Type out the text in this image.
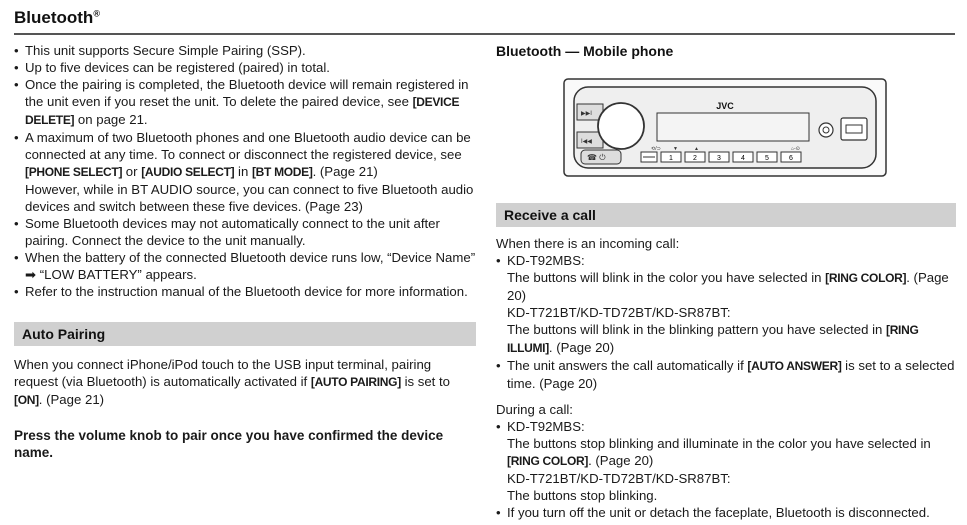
Bluetooth®
• This unit supports Secure Simple Pairing (SSP).
• Up to five devices can be registered (paired) in total.
• Once the pairing is completed, the Bluetooth device will remain registered in the unit even if you reset the unit. To delete the paired device, see [DEVICE DELETE] on page 21.
• A maximum of two Bluetooth phones and one Bluetooth audio device can be connected at any time. To connect or disconnect the registered device, see [PHONE SELECT] or [AUDIO SELECT] in [BT MODE]. (Page 21)
However, while in BT AUDIO source, you can connect to five Bluetooth audio devices and switch between these five devices. (Page 23)
• Some Bluetooth devices may not automatically connect to the unit after pairing. Connect the device to the unit manually.
• When the battery of the connected Bluetooth device runs low, “Device Name” ➡ “LOW BATTERY” appears.
• Refer to the instruction manual of the Bluetooth device for more information.
Auto Pairing

When you connect iPhone/iPod touch to the USB input terminal, pairing request (via Bluetooth) is automatically activated if [AUTO PAIRING] is set to [ON]. (Page 21)

Press the volume knob to pair once you have confirmed the device name.

Bluetooth — Mobile phone
▶▶I
I◀◀
☎ ⏻
JVC
⟲/⊃ ▼	▲	⌂-⊙
1	2	3	4	5	6
Receive a call

When there is an incoming call:

• KD-T92MBS:
The buttons will blink in the color you have selected in [RING COLOR]. (Page 20)
KD-T721BT/KD-TD72BT/KD-SR87BT:
The buttons will blink in the blinking pattern you have selected in [RING ILLUMI]. (Page 20)
• The unit answers the call automatically if [AUTO ANSWER] is set to a selected time. (Page 20)

During a call:

• KD-T92MBS:
The buttons stop blinking and illuminate in the color you have selected in [RING COLOR]. (Page 20)
KD-T721BT/KD-TD72BT/KD-SR87BT:
The buttons stop blinking.
• If you turn off the unit or detach the faceplate, Bluetooth is disconnected.
